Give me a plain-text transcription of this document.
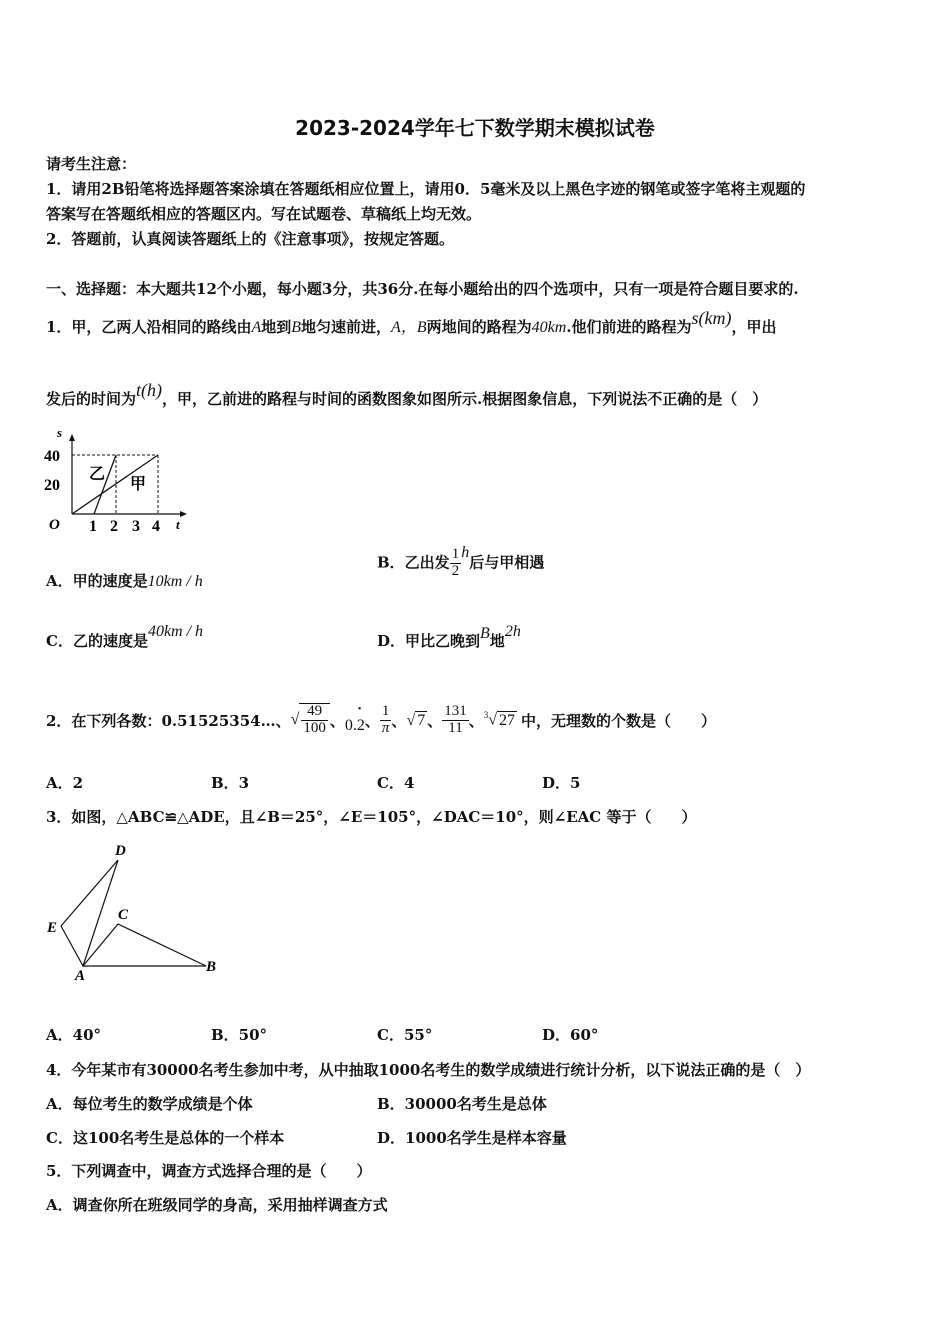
2023-2024学年七下数学期末模拟试卷
请考生注意：
1．请用2B铅笔将选择题答案涂填在答题纸相应位置上，请用0．5毫米及以上黑色字迹的钢笔或签字笔将主观题的
答案写在答题纸相应的答题区内。写在试题卷、草稿纸上均无效。
2．答题前，认真阅读答题纸上的《注意事项》，按规定答题。
一、选择题：本大题共12个小题，每小题3分，共36分.在每小题给出的四个选项中，只有一项是符合题目要求的.
1．甲，乙两人沿相同的路线由A地到B地匀速前进，A，B两地间的路程为40km.他们前进的路程为s(km)，甲出
发后的时间为t(h)，甲，乙前进的路程与时间的函数图象如图所示.根据图象信息，下列说法不正确的是（　）
s
t
O
40
20
1 2 3 4
乙
甲
A．甲的速度是10km / h
B．乙出发 $\frac{1}{2}$ h后与甲相遇
C．乙的速度是40km / h
D．甲比乙晚到B地2h
2．在下列各数：0.51525354…、 √ $\frac{49}{100}$ 、 0.2
•
、 $\frac{1}{\pi}$ 、 √ 7 、 $\frac{131}{11}$ 、 $^3$√ 27 中，无理数的个数是（　　）
A．2	B．3	C．4	D．5
3．如图，△ABC≌△ADE，且∠B＝25°，∠E＝105°，∠DAC＝10°，则∠EAC 等于（　　）
D
E
C
A
B
A．40°	B．50°	C．55°	D．60°
4．今年某市有30000名考生参加中考，从中抽取1000名考生的数学成绩进行统计分析，以下说法正确的是（　）
A．每位考生的数学成绩是个体	B．30000名考生是总体
C．这100名考生是总体的一个样本	D．1000名学生是样本容量
5．下列调查中，调查方式选择合理的是（　　）
A．调查你所在班级同学的身高，采用抽样调查方式
